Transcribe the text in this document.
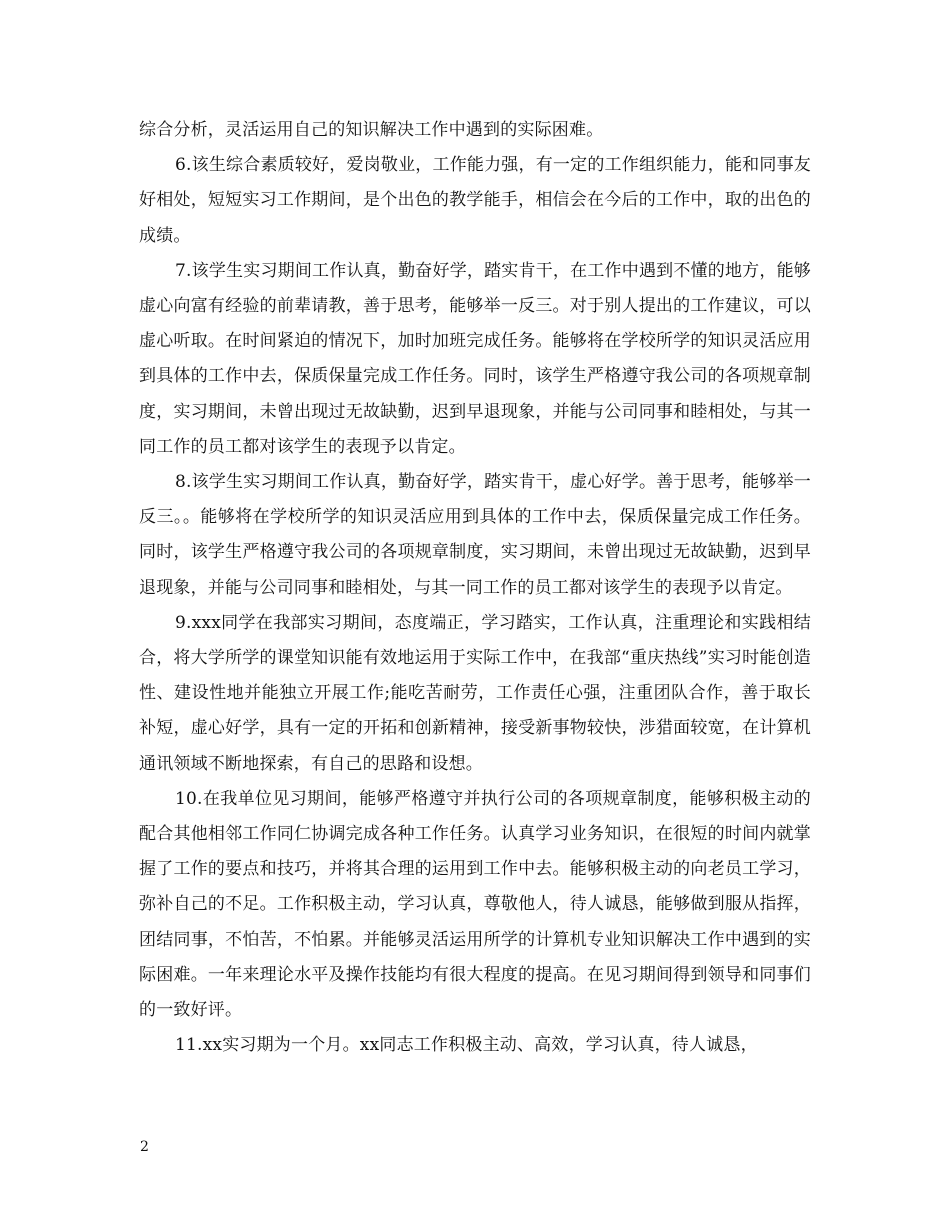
综合分析，灵活运用自己的知识解决工作中遇到的实际困难。

6.该生综合素质较好，爱岗敬业，工作能力强，有一定的工作组织能力，能和同事友好相处，短短实习工作期间，是个出色的教学能手，相信会在今后的工作中，取的出色的成绩。

7.该学生实习期间工作认真，勤奋好学，踏实肯干，在工作中遇到不懂的地方，能够虚心向富有经验的前辈请教，善于思考，能够举一反三。对于别人提出的工作建议，可以虚心听取。在时间紧迫的情况下，加时加班完成任务。能够将在学校所学的知识灵活应用到具体的工作中去，保质保量完成工作任务。同时，该学生严格遵守我公司的各项规章制度，实习期间，未曾出现过无故缺勤，迟到早退现象，并能与公司同事和睦相处，与其一同工作的员工都对该学生的表现予以肯定。

8.该学生实习期间工作认真，勤奋好学，踏实肯干，虚心好学。善于思考，能够举一反三。。能够将在学校所学的知识灵活应用到具体的工作中去，保质保量完成工作任务。同时，该学生严格遵守我公司的各项规章制度，实习期间，未曾出现过无故缺勤，迟到早退现象，并能与公司同事和睦相处，与其一同工作的员工都对该学生的表现予以肯定。

9.xxx同学在我部实习期间，态度端正，学习踏实，工作认真，注重理论和实践相结合，将大学所学的课堂知识能有效地运用于实际工作中，在我部“重庆热线”实习时能创造性、建设性地并能独立开展工作;能吃苦耐劳，工作责任心强，注重团队合作，善于取长补短，虚心好学，具有一定的开拓和创新精神，接受新事物较快，涉猎面较宽，在计算机通讯领域不断地探索，有自己的思路和设想。

10.在我单位见习期间，能够严格遵守并执行公司的各项规章制度，能够积极主动的配合其他相邻工作同仁协调完成各种工作任务。认真学习业务知识，在很短的时间内就掌握了工作的要点和技巧，并将其合理的运用到工作中去。能够积极主动的向老员工学习，弥补自己的不足。工作积极主动，学习认真，尊敬他人，待人诚恳，能够做到服从指挥，团结同事，不怕苦，不怕累。并能够灵活运用所学的计算机专业知识解决工作中遇到的实际困难。一年来理论水平及操作技能均有很大程度的提高。在见习期间得到领导和同事们的一致好评。

11.xx实习期为一个月。xx同志工作积极主动、高效，学习认真，待人诚恳，

2
